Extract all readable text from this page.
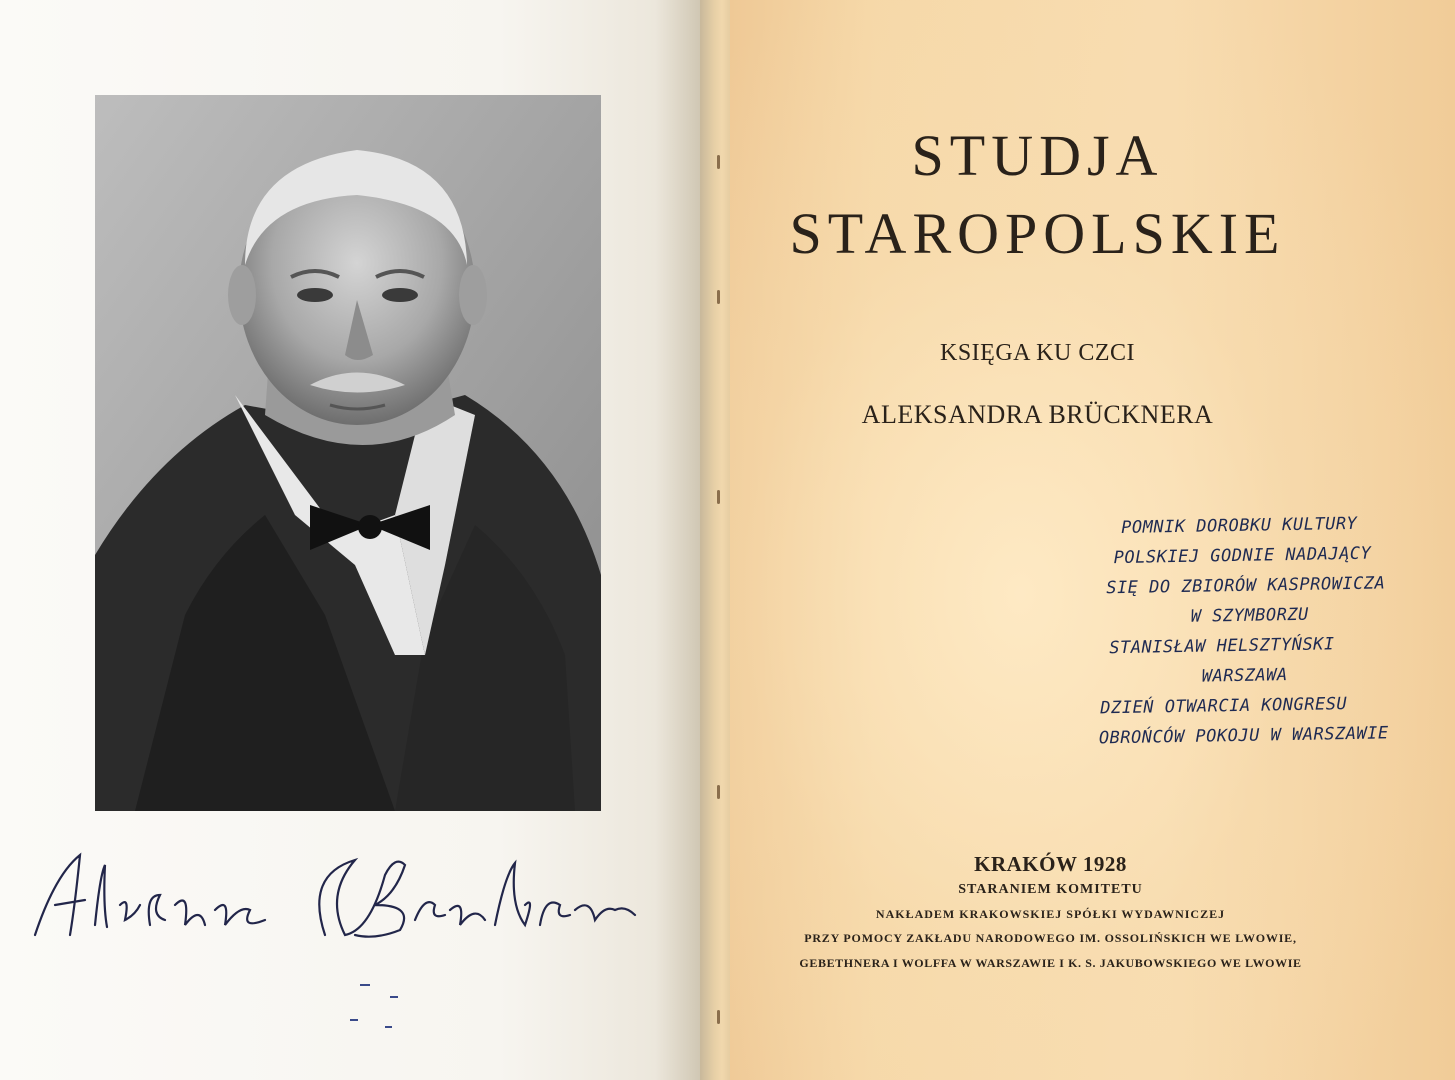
STUDJA
STAROPOLSKIE
KSIĘGA KU CZCI
ALEKSANDRA BRÜCKNERA
POMNIK DOROBKU KULTURY
POLSKIEJ GODNIE NADAJĄCY
SIĘ DO ZBIORÓW KASPROWICZA
W SZYMBORZU
STANISŁAW HELSZTYŃSKI
WARSZAWA
DZIEŃ OTWARCIA KONGRESU
OBROŃCÓW POKOJU W WARSZAWIE
KRAKÓW 1928
STARANIEM KOMITETU
NAKŁADEM KRAKOWSKIEJ SPÓŁKI WYDAWNICZEJ
PRZY POMOCY ZAKŁADU NARODOWEGO IM. OSSOLIŃSKICH WE LWOWIE,
GEBETHNERA I WOLFFA W WARSZAWIE I K. S. JAKUBOWSKIEGO WE LWOWIE
